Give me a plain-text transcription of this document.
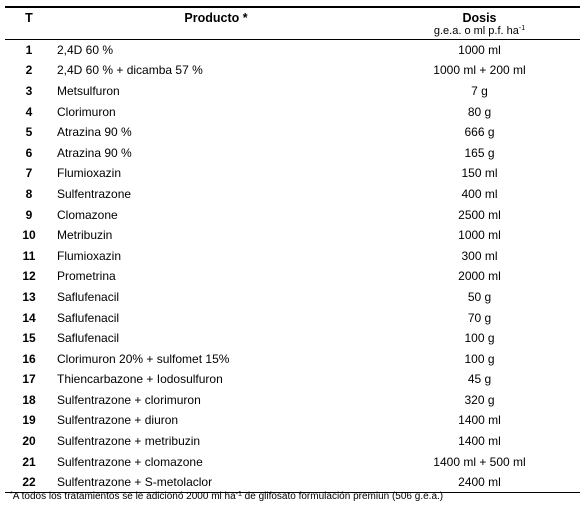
T	Producto *	Dosis
g.e.a. o ml p.f. $ha^{-1}$

1	2,4D 60 %	1000 ml
2	2,4D 60 % + dicamba 57 %	1000 ml + 200 ml
3	Metsulfuron	7 g
4	Clorimuron	80 g
5	Atrazina 90 %	666 g
6	Atrazina 90 %	165 g
7	Flumioxazin	150 ml
8	Sulfentrazone	400 ml
9	Clomazone	2500 ml
10	Metribuzin	1000 ml
11	Flumioxazin	300 ml
12	Prometrina	2000 ml
13	Saflufenacil	50 g
14	Saflufenacil	70 g
15	Saflufenacil	100 g
16	Clorimuron 20% + sulfomet 15%	100 g
17	Thiencarbazone + Iodosulfuron	45 g
18	Sulfentrazone + clorimuron	320 g
19	Sulfentrazone + diuron	1400 ml
20	Sulfentrazone + metribuzin	1400 ml
21	Sulfentrazone + clomazone	1400 ml + 500 ml
22	Sulfentrazone + S-metolaclor	2400 ml
*A todos los tratamientos se le adicionó 2000 ml $ha^{-1}$ de glifosato formulación premiun (506 g.e.a.)
